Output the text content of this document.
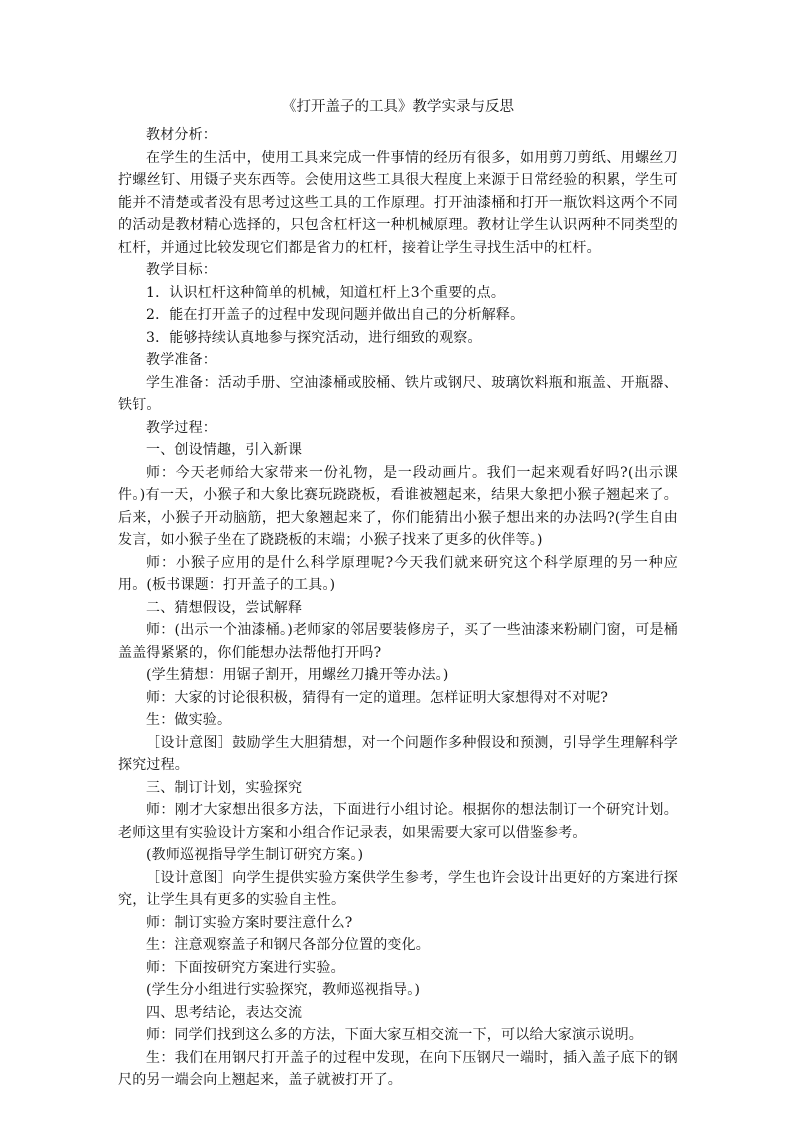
《打开盖子的工具》教学实录与反思

教材分析：

在学生的生活中，使用工具来完成一件事情的经历有很多，如用剪刀剪纸、用螺丝刀拧螺丝钉、用镊子夹东西等。会使用这些工具很大程度上来源于日常经验的积累，学生可能并不清楚或者没有思考过这些工具的工作原理。打开油漆桶和打开一瓶饮料这两个不同的活动是教材精心选择的，只包含杠杆这一种机械原理。教材让学生认识两种不同类型的杠杆，并通过比较发现它们都是省力的杠杆，接着让学生寻找生活中的杠杆。

教学目标：

1．认识杠杆这种简单的机械，知道杠杆上3个重要的点。

2．能在打开盖子的过程中发现问题并做出自己的分析解释。

3．能够持续认真地参与探究活动，进行细致的观察。

教学准备：

学生准备：活动手册、空油漆桶或胶桶、铁片或钢尺、玻璃饮料瓶和瓶盖、开瓶器、铁钉。

教学过程：

一、创设情趣，引入新课

师：今天老师给大家带来一份礼物，是一段动画片。我们一起来观看好吗?(出示课件。)有一天，小猴子和大象比赛玩跷跷板，看谁被翘起来，结果大象把小猴子翘起来了。后来，小猴子开动脑筋，把大象翘起来了，你们能猜出小猴子想出来的办法吗?(学生自由发言，如小猴子坐在了跷跷板的末端；小猴子找来了更多的伙伴等。)

师：小猴子应用的是什么科学原理呢?今天我们就来研究这个科学原理的另一种应用。(板书课题：打开盖子的工具。)

二、猜想假设，尝试解释

师：(出示一个油漆桶。)老师家的邻居要装修房子，买了一些油漆来粉刷门窗，可是桶盖盖得紧紧的，你们能想办法帮他打开吗?

(学生猜想：用锯子割开，用螺丝刀撬开等办法。)

师：大家的讨论很积极，猜得有一定的道理。怎样证明大家想得对不对呢?

生：做实验。

［设计意图］鼓励学生大胆猜想，对一个问题作多种假设和预测，引导学生理解科学探究过程。

三、制订计划，实验探究

师：刚才大家想出很多方法，下面进行小组讨论。根据你的想法制订一个研究计划。老师这里有实验设计方案和小组合作记录表，如果需要大家可以借鉴参考。

(教师巡视指导学生制订研究方案。)

［设计意图］向学生提供实验方案供学生参考，学生也许会设计出更好的方案进行探究，让学生具有更多的实验自主性。

师：制订实验方案时要注意什么?

生：注意观察盖子和钢尺各部分位置的变化。

师：下面按研究方案进行实验。

(学生分小组进行实验探究，教师巡视指导。)

四、思考结论，表达交流

师：同学们找到这么多的方法，下面大家互相交流一下，可以给大家演示说明。

生：我们在用钢尺打开盖子的过程中发现，在向下压钢尺一端时，插入盖子底下的钢尺的另一端会向上翘起来，盖子就被打开了。
